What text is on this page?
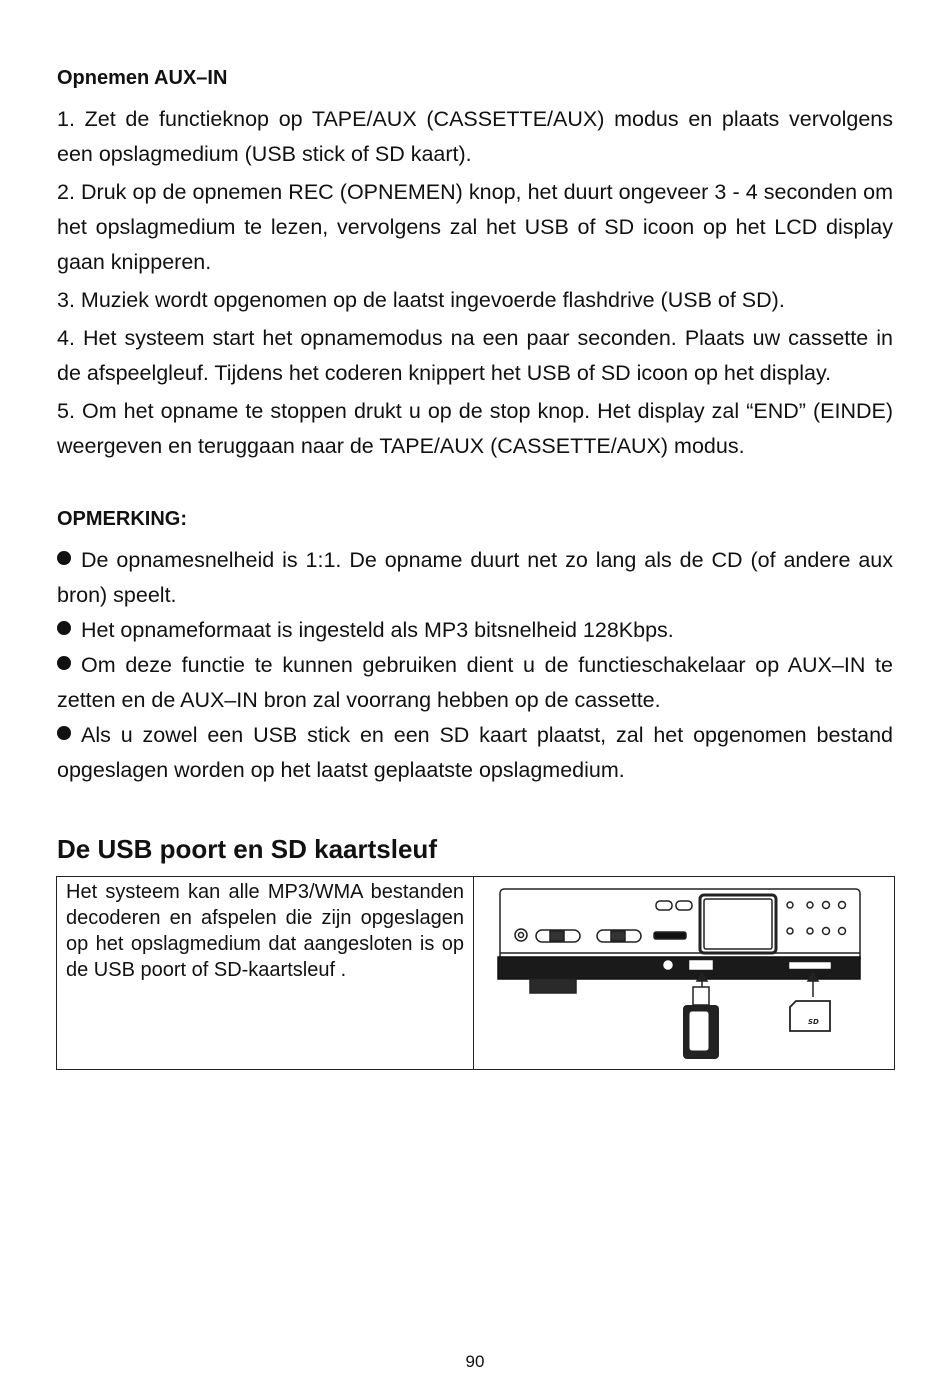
Opnemen AUX–IN

1. Zet de functieknop op TAPE/AUX (CASSETTE/AUX) modus en plaats vervolgens een opslagmedium (USB stick of SD kaart).

2. Druk op de opnemen REC (OPNEMEN) knop, het duurt ongeveer 3 - 4 seconden om het opslagmedium te lezen, vervolgens zal het USB of SD icoon op het LCD display gaan knipperen.

3. Muziek wordt opgenomen op de laatst ingevoerde flashdrive (USB of SD).

4. Het systeem start het opnamemodus na een paar seconden. Plaats uw cassette in de afspeelgleuf. Tijdens het coderen knippert het USB of SD icoon op het display.

5. Om het opname te stoppen drukt u op de stop knop. Het display zal “END” (EINDE) weergeven en teruggaan naar de TAPE/AUX (CASSETTE/AUX) modus.

OPMERKING:

De opnamesnelheid is 1:1. De opname duurt net zo lang als de CD (of andere aux bron) speelt.

Het opnameformaat is ingesteld als MP3 bitsnelheid 128Kbps.

Om deze functie te kunnen gebruiken dient u de functieschakelaar op AUX–IN te zetten en de AUX–IN bron zal voorrang hebben op de cassette.

Als u zowel een USB stick en een SD kaart plaatst, zal het opgenomen bestand opgeslagen worden op het laatst geplaatste opslagmedium.

De USB poort en SD kaartsleuf
Het systeem kan alle MP3/WMA bestanden decoderen en afspelen die zijn opgeslagen op het opslagmedium dat aangesloten is op de USB poort of SD-kaartsleuf .	
SD
90
